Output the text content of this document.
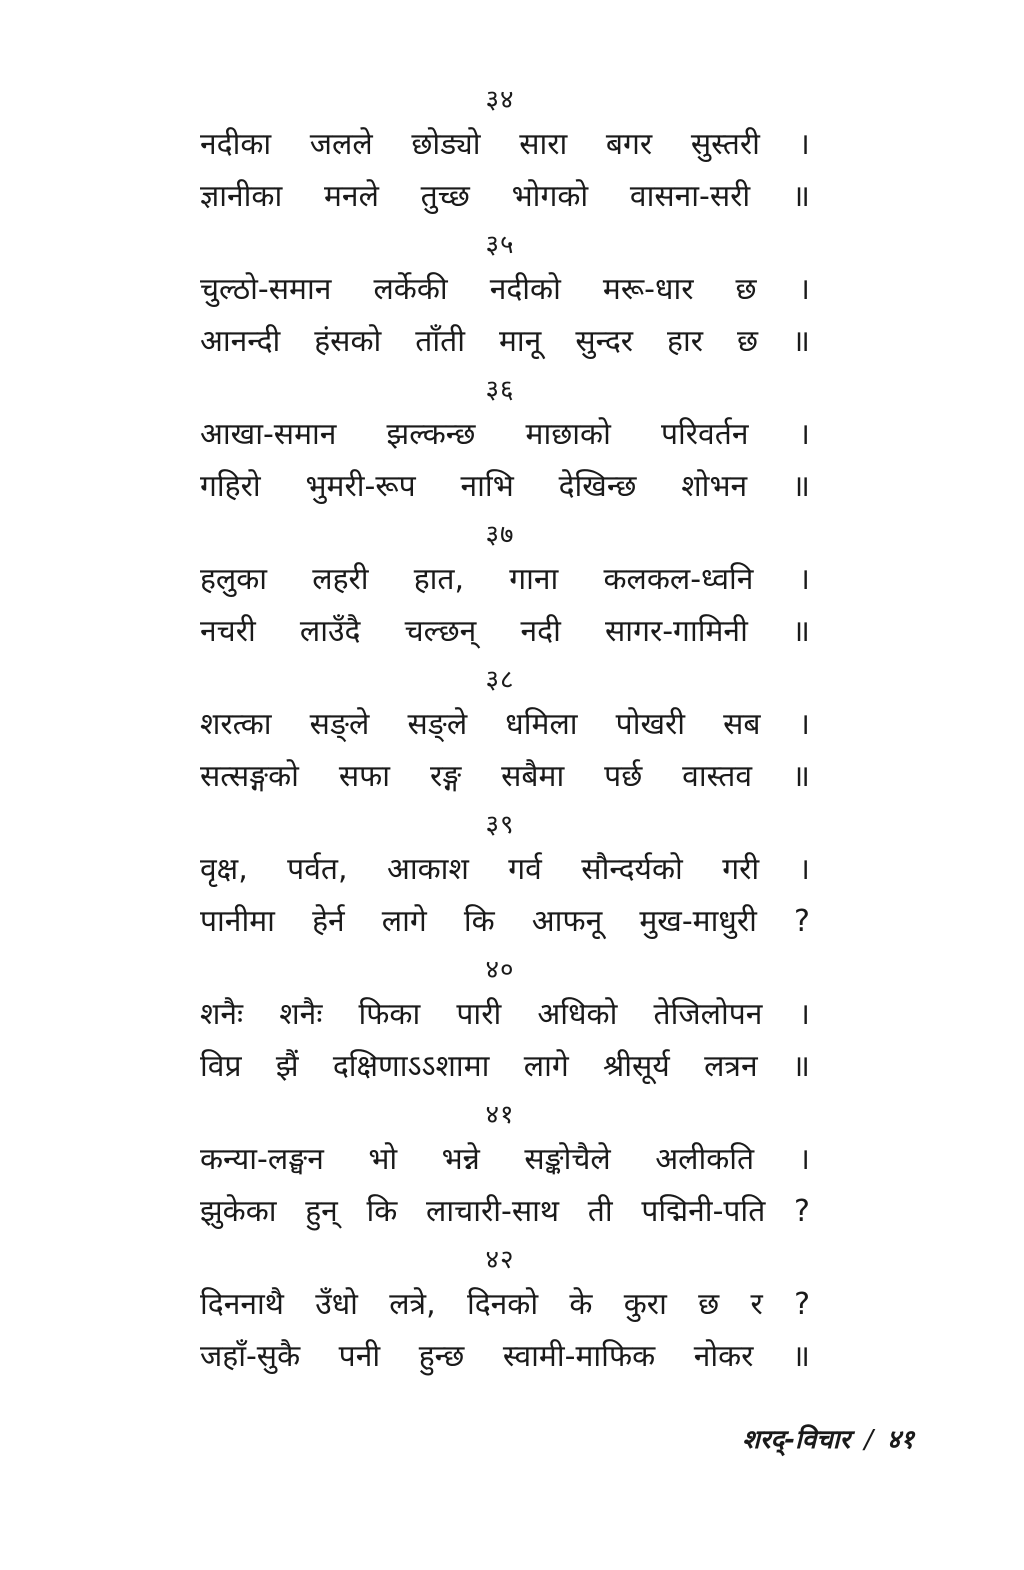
३४
नदीका जलले छोड्यो सारा बगर सुस्तरी ।
ज्ञानीका मनले तुच्छ भोगको वासना-सरी ॥
३५
चुल्ठो-समान लर्केकी नदीको मरू-धार छ ।
आनन्दी हंसको ताँती मानू सुन्दर हार छ ॥
३६
आखा-समान झल्कन्छ माछाको परिवर्तन ।
गहिरो भुमरी-रूप नाभि देखिन्छ शोभन ॥
३७
हलुका लहरी हात, गाना कलकल-ध्वनि ।
नचरी लाउँदै चल्छन् नदी सागर-गामिनी ॥
३८
शरत्का सङ्ले सङ्ले धमिला पोखरी सब ।
सत्सङ्गको सफा रङ्ग सबैमा पर्छ वास्तव ॥
३९
वृक्ष, पर्वत, आकाश गर्व सौन्दर्यको गरी ।
पानीमा हेर्न लागे कि आफनू मुख-माधुरी ?
४०
शनैः शनैः फिका पारी अधिको तेजिलोपन ।
विप्र झैं दक्षिणाऽऽशामा लागे श्रीसूर्य लत्रन ॥
४१
कन्या-लङ्घन भो भन्ने सङ्कोचैले अलीकति ।
झुकेका हुन् कि लाचारी-साथ ती पद्मिनी-पति ?
४२
दिननाथै उँधो लत्रे, दिनको के कुरा छ र ?
जहाँ-सुकै पनी हुन्छ स्वामी-माफिक नोकर ॥
शरद्-विचार / ४१
